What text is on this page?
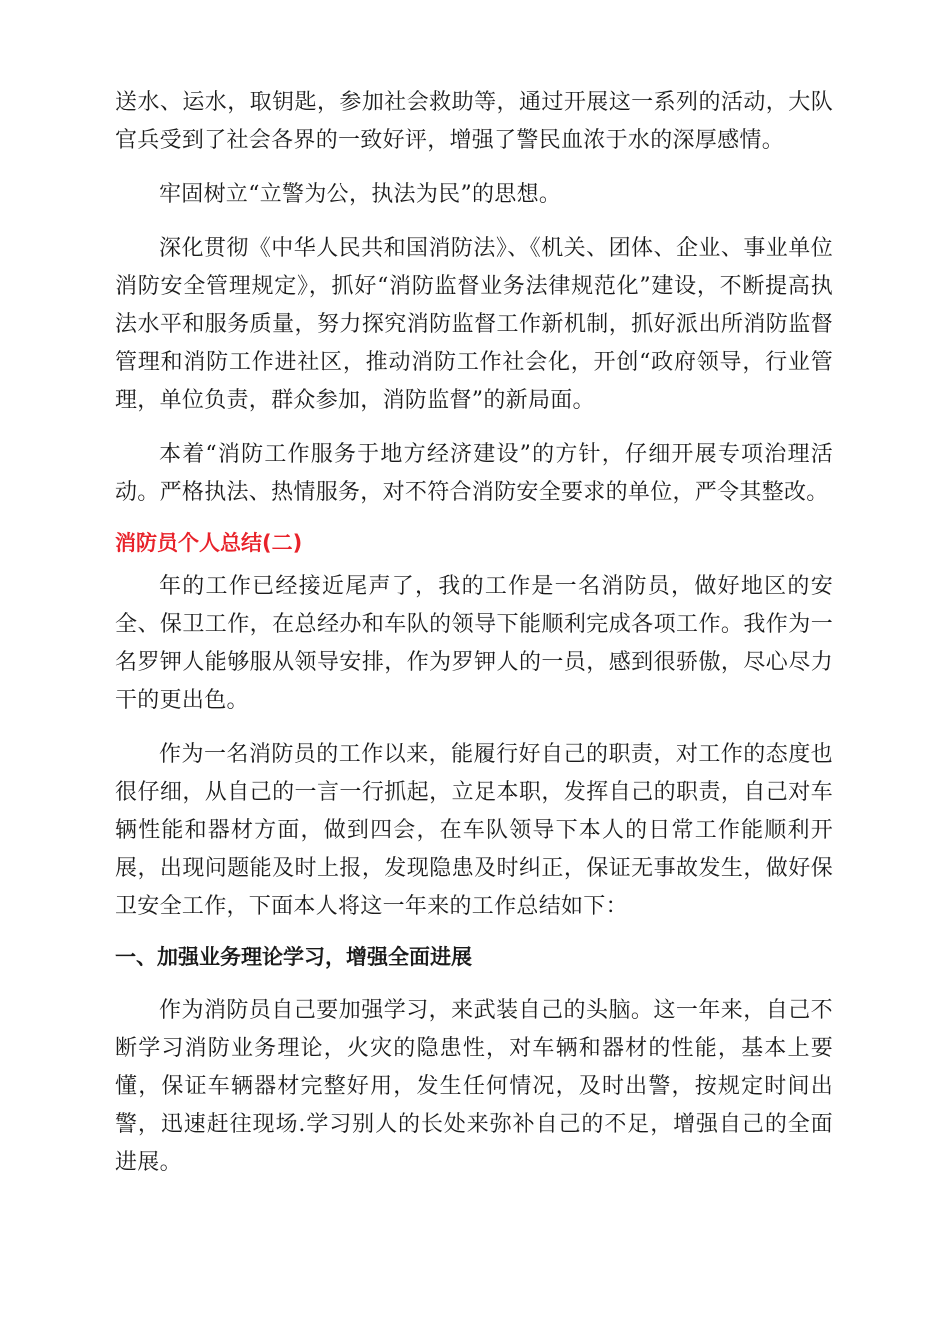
送水、运水，取钥匙，参加社会救助等，通过开展这一系列的活动，大队官兵受到了社会各界的一致好评，增强了警民血浓于水的深厚感情。

牢固树立“立警为公，执法为民”的思想。

深化贯彻《中华人民共和国消防法》、《机关、团体、企业、事业单位消防安全管理规定》，抓好“消防监督业务法律规范化”建设，不断提高执法水平和服务质量，努力探究消防监督工作新机制，抓好派出所消防监督管理和消防工作进社区，推动消防工作社会化，开创“政府领导，行业管理，单位负责，群众参加，消防监督”的新局面。

本着“消防工作服务于地方经济建设”的方针，仔细开展专项治理活动。严格执法、热情服务，对不符合消防安全要求的单位，严令其整改。

消防员个人总结(二)

年的工作已经接近尾声了，我的工作是一名消防员，做好地区的安全、保卫工作，在总经办和车队的领导下能顺利完成各项工作。我作为一名罗钾人能够服从领导安排，作为罗钾人的一员，感到很骄傲，尽心尽力干的更出色。

作为一名消防员的工作以来，能履行好自己的职责，对工作的态度也很仔细，从自己的一言一行抓起，立足本职，发挥自己的职责，自己对车辆性能和器材方面，做到四会，在车队领导下本人的日常工作能顺利开展，出现问题能及时上报，发现隐患及时纠正，保证无事故发生，做好保卫安全工作，下面本人将这一年来的工作总结如下：

一、加强业务理论学习，增强全面进展

作为消防员自己要加强学习，来武装自己的头脑。这一年来，自己不断学习消防业务理论，火灾的隐患性，对车辆和器材的性能，基本上要懂，保证车辆器材完整好用，发生任何情况，及时出警，按规定时间出警，迅速赶往现场.学习别人的长处来弥补自己的不足，增强自己的全面进展。
